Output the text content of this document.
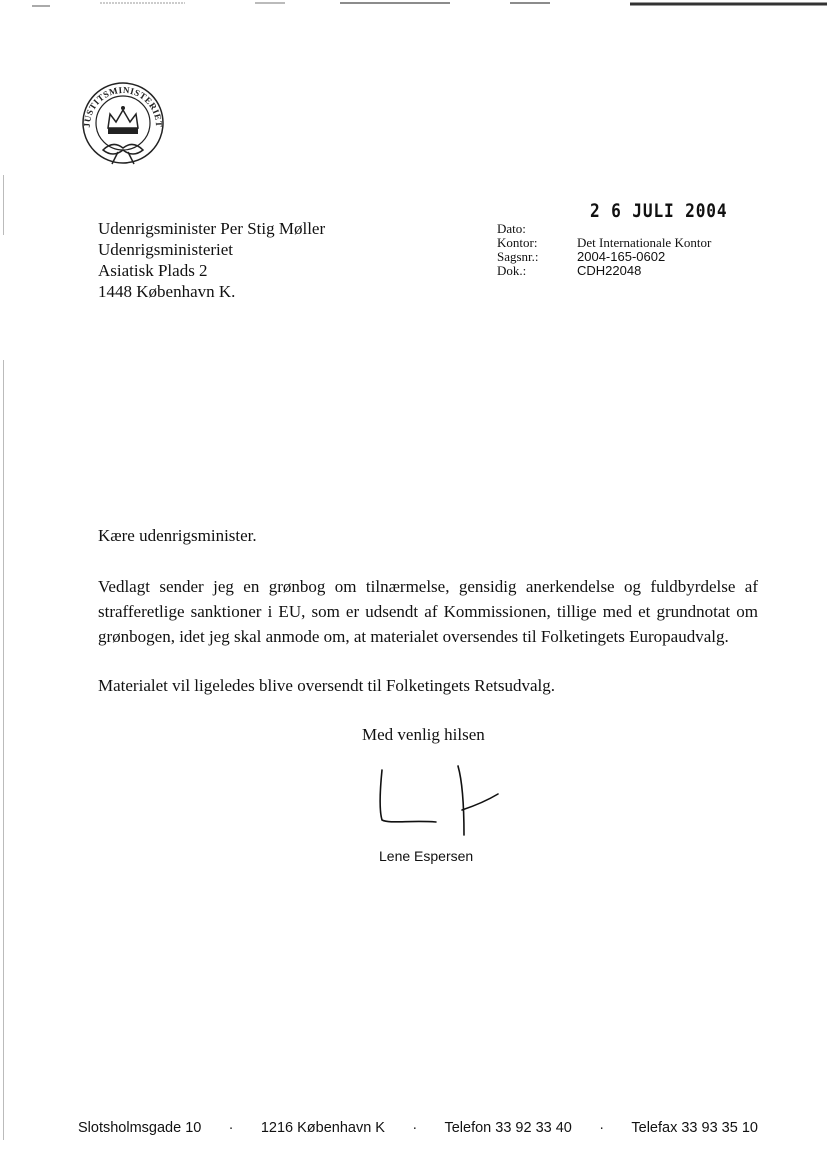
JUSTITSMINISTERIET
Udenrigsminister Per Stig Møller
Udenrigsministeriet
Asiatisk Plads 2
1448 København K.
2 6 JULI 2004
Dato:
Kontor:	Det Internationale Kontor
Sagsnr.:	2004-165-0602
Dok.:	CDH22048
Kære udenrigsminister.
Vedlagt sender jeg en grønbog om tilnærmelse, gensidig anerkendelse og fuldbyrdelse af strafferetlige sanktioner i EU, som er udsendt af Kommissionen, tillige med et grundnotat om grønbogen, idet jeg skal anmode om, at materialet oversendes til Folketingets Europaudvalg.
Materialet vil ligeledes blive oversendt til Folketingets Retsudvalg.
Med venlig hilsen
Lene Espersen
Slotsholmsgade 10 · 1216 København K · Telefon 33 92 33 40 · Telefax 33 93 35 10
